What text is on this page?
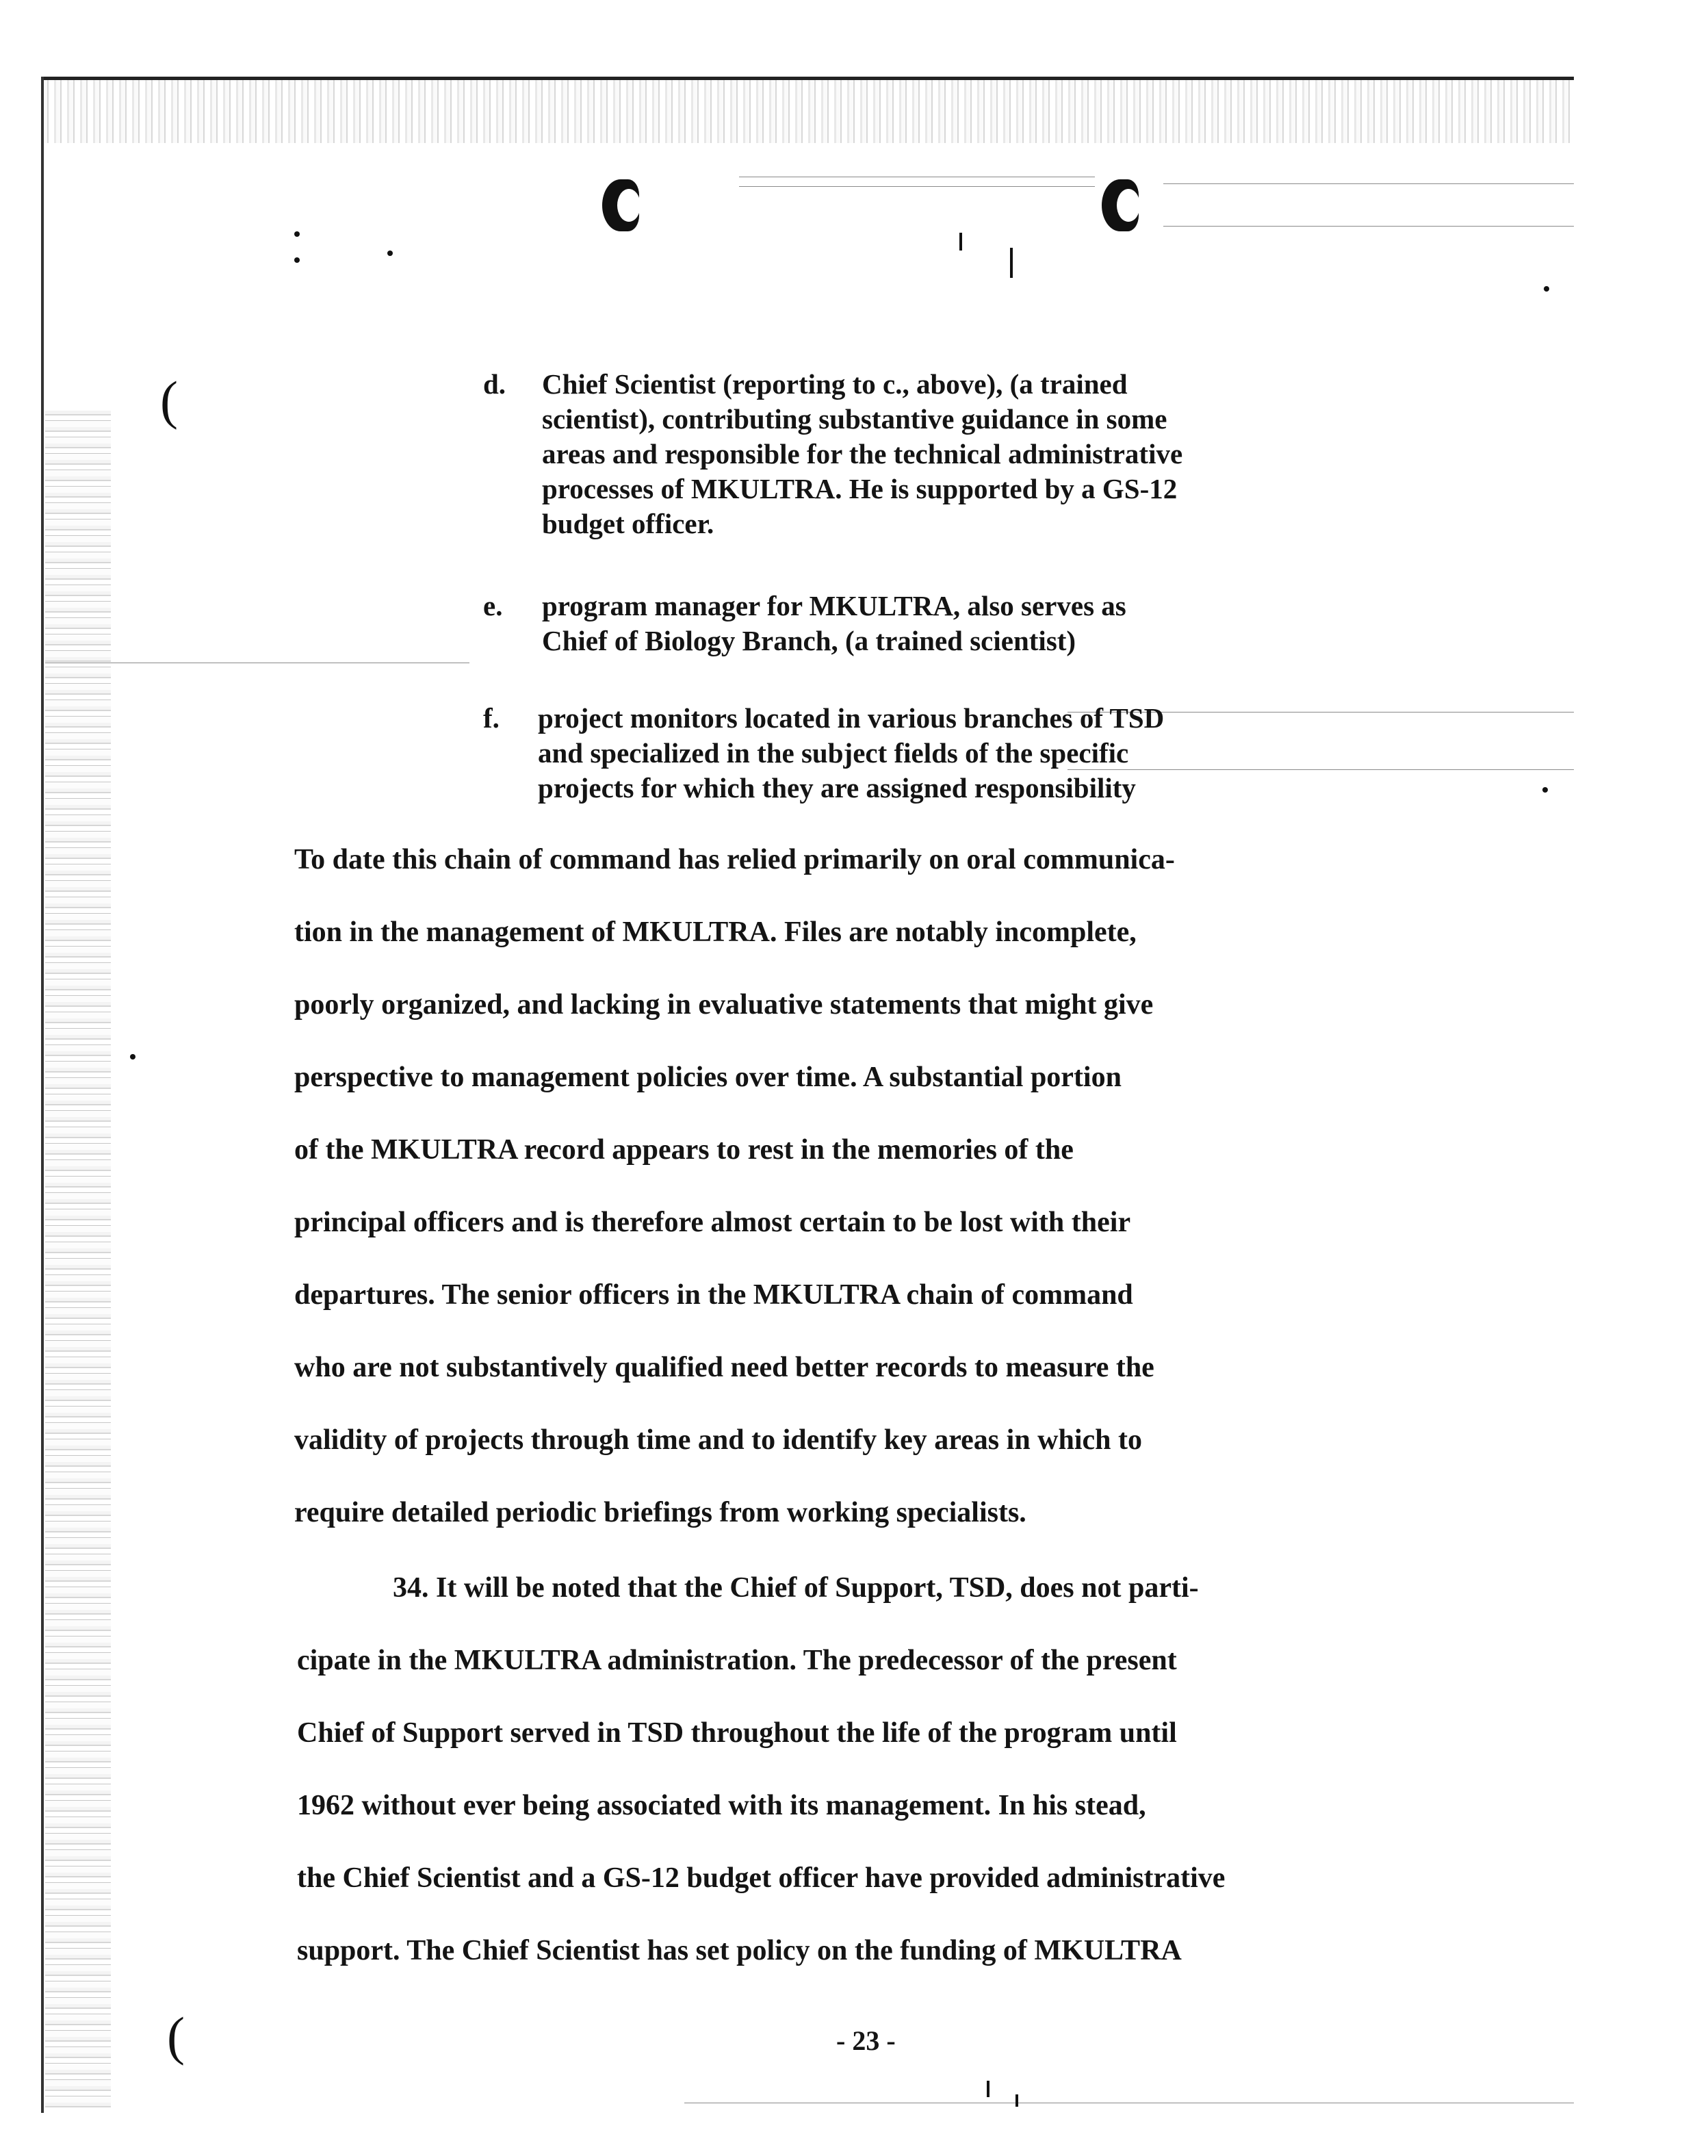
(
(
d. Chief Scientist (reporting to c., above), (a trained
scientist), contributing substantive guidance in some
areas and responsible for the technical administrative
processes of MKULTRA. He is supported by a GS-12
budget officer.
e. program manager for MKULTRA, also serves as
Chief of Biology Branch, (a trained scientist)
f. project monitors located in various branches of TSD
and specialized in the subject fields of the specific
projects for which they are assigned responsibility
To date this chain of command has relied primarily on oral communica-
tion in the management of MKULTRA. Files are notably incomplete,
poorly organized, and lacking in evaluative statements that might give
perspective to management policies over time. A substantial portion
of the MKULTRA record appears to rest in the memories of the
principal officers and is therefore almost certain to be lost with their
departures. The senior officers in the MKULTRA chain of command
who are not substantively qualified need better records to measure the
validity of projects through time and to identify key areas in which to
require detailed periodic briefings from working specialists.
34. It will be noted that the Chief of Support, TSD, does not parti-
cipate in the MKULTRA administration. The predecessor of the present
Chief of Support served in TSD throughout the life of the program until
1962 without ever being associated with its management. In his stead,
the Chief Scientist and a GS-12 budget officer have provided administrative
support. The Chief Scientist has set policy on the funding of MKULTRA
- 23 -
